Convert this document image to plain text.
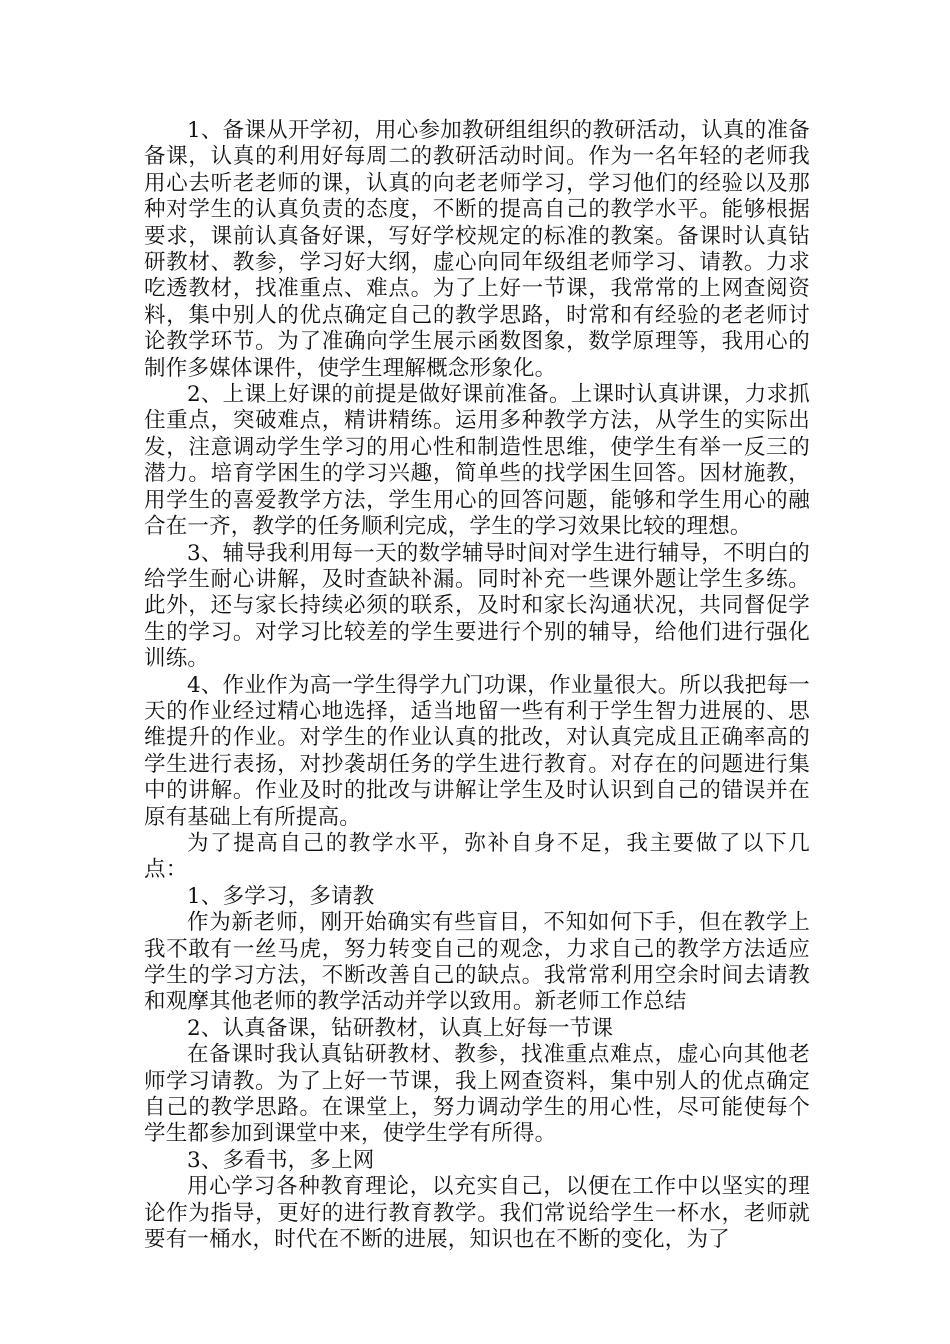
1、备课从开学初，用心参加教研组组织的教研活动，认真的准备备课，认真的利用好每周二的教研活动时间。作为一名年轻的老师我用心去听老老师的课，认真的向老老师学习，学习他们的经验以及那种对学生的认真负责的态度，不断的提高自己的教学水平。能够根据要求，课前认真备好课，写好学校规定的标准的教案。备课时认真钻研教材、教参，学习好大纲，虚心向同年级组老师学习、请教。力求吃透教材，找准重点、难点。为了上好一节课，我常常的上网查阅资料，集中别人的优点确定自己的教学思路，时常和有经验的老老师讨论教学环节。为了准确向学生展示函数图象，数学原理等，我用心的制作多媒体课件，使学生理解概念形象化。

2、上课上好课的前提是做好课前准备。上课时认真讲课，力求抓住重点，突破难点，精讲精练。运用多种教学方法，从学生的实际出发，注意调动学生学习的用心性和制造性思维，使学生有举一反三的潜力。培育学困生的学习兴趣，简单些的找学困生回答。因材施教，用学生的喜爱教学方法，学生用心的回答问题，能够和学生用心的融合在一齐，教学的任务顺利完成，学生的学习效果比较的理想。

3、辅导我利用每一天的数学辅导时间对学生进行辅导，不明白的给学生耐心讲解，及时查缺补漏。同时补充一些课外题让学生多练。此外，还与家长持续必须的联系，及时和家长沟通状况，共同督促学生的学习。对学习比较差的学生要进行个别的辅导，给他们进行强化训练。

4、作业作为高一学生得学九门功课，作业量很大。所以我把每一天的作业经过精心地选择，适当地留一些有利于学生智力进展的、思维提升的作业。对学生的作业认真的批改，对认真完成且正确率高的学生进行表扬，对抄袭胡任务的学生进行教育。对存在的问题进行集中的讲解。作业及时的批改与讲解让学生及时认识到自己的错误并在原有基础上有所提高。

为了提高自己的教学水平，弥补自身不足，我主要做了以下几点：

1、多学习，多请教

作为新老师，刚开始确实有些盲目，不知如何下手，但在教学上我不敢有一丝马虎，努力转变自己的观念，力求自己的教学方法适应学生的学习方法，不断改善自己的缺点。我常常利用空余时间去请教和观摩其他老师的教学活动并学以致用。新老师工作总结

2、认真备课，钻研教材，认真上好每一节课

在备课时我认真钻研教材、教参，找准重点难点，虚心向其他老师学习请教。为了上好一节课，我上网查资料，集中别人的优点确定自己的教学思路。在课堂上，努力调动学生的用心性，尽可能使每个学生都参加到课堂中来，使学生学有所得。

3、多看书，多上网

用心学习各种教育理论，以充实自己，以便在工作中以坚实的理论作为指导，更好的进行教育教学。我们常说给学生一杯水，老师就要有一桶水，时代在不断的进展，知识也在不断的变化，为了
